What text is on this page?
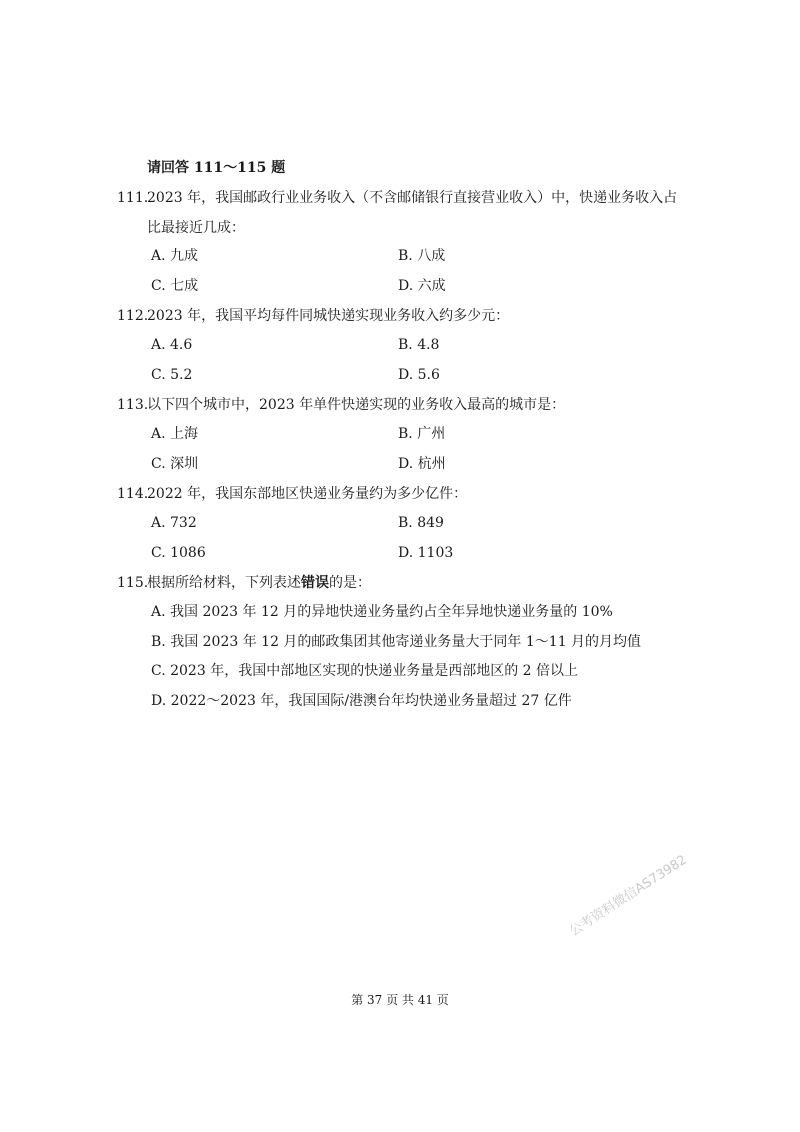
请回答 111～115 题
111.
2023 年，我国邮政行业业务收入（不含邮储银行直接营业收入）中，快递业务收入占
比最接近几成：
A. 九成	B. 八成
C. 七成	D. 六成
112.
2023 年，我国平均每件同城快递实现业务收入约多少元：
A. 4.6	B. 4.8
C. 5.2	D. 5.6
113.
以下四个城市中，2023 年单件快递实现的业务收入最高的城市是：
A. 上海	B. 广州
C. 深圳	D. 杭州
114.
2022 年，我国东部地区快递业务量约为多少亿件：
A. 732	B. 849
C. 1086	D. 1103
115.
根据所给材料，下列表述错误的是：
A. 我国 2023 年 12 月的异地快递业务量约占全年异地快递业务量的 10%
B. 我国 2023 年 12 月的邮政集团其他寄递业务量大于同年 1～11 月的月均值
C. 2023 年，我国中部地区实现的快递业务量是西部地区的 2 倍以上
D. 2022～2023 年，我国国际/港澳台年均快递业务量超过 27 亿件
公考资料微信AS73982
第 37 页 共 41 页
